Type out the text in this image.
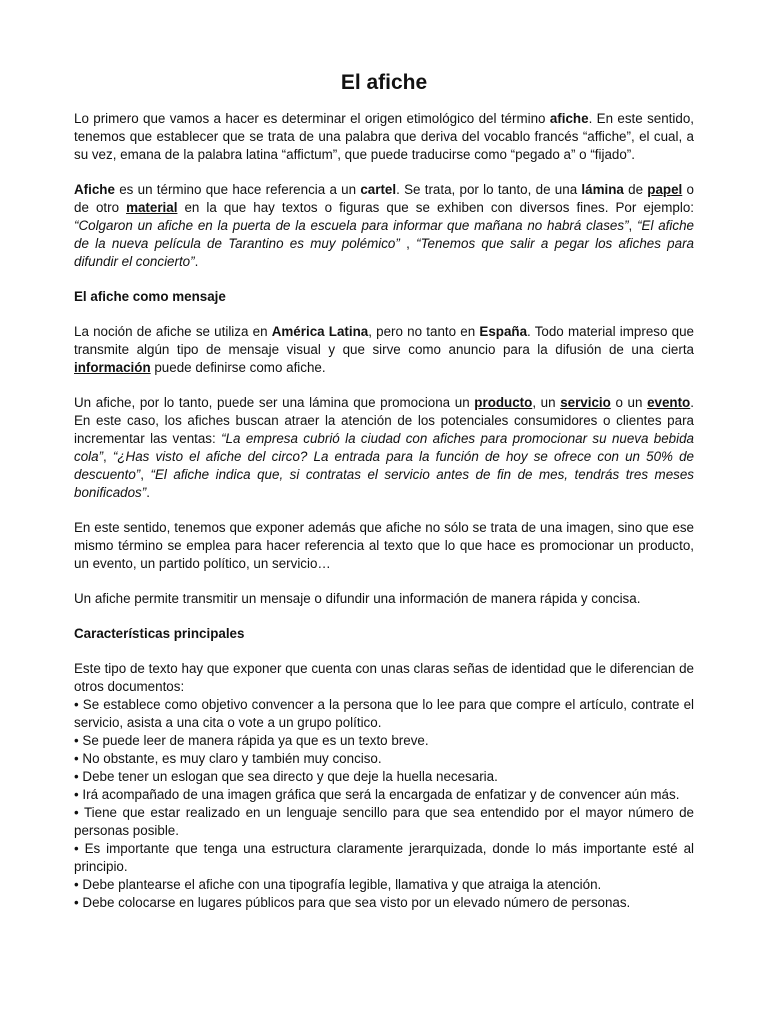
El afiche

Lo primero que vamos a hacer es determinar el origen etimológico del término afiche. En este sentido, tenemos que establecer que se trata de una palabra que deriva del vocablo francés “affiche”, el cual, a su vez, emana de la palabra latina “affictum”, que puede traducirse como “pegado a” o “fijado”.

Afiche es un término que hace referencia a un cartel. Se trata, por lo tanto, de una lámina de papel o de otro material en la que hay textos o figuras que se exhiben con diversos fines. Por ejemplo: “Colgaron un afiche en la puerta de la escuela para informar que mañana no habrá clases”, “El afiche de la nueva película de Tarantino es muy polémico” , “Tenemos que salir a pegar los afiches para difundir el concierto”.

El afiche como mensaje

La noción de afiche se utiliza en América Latina, pero no tanto en España. Todo material impreso que transmite algún tipo de mensaje visual y que sirve como anuncio para la difusión de una cierta información puede definirse como afiche.

Un afiche, por lo tanto, puede ser una lámina que promociona un producto, un servicio o un evento. En este caso, los afiches buscan atraer la atención de los potenciales consumidores o clientes para incrementar las ventas: “La empresa cubrió la ciudad con afiches para promocionar su nueva bebida cola”, “¿Has visto el afiche del circo? La entrada para la función de hoy se ofrece con un 50% de descuento”, “El afiche indica que, si contratas el servicio antes de fin de mes, tendrás tres meses bonificados”.

En este sentido, tenemos que exponer además que afiche no sólo se trata de una imagen, sino que ese mismo término se emplea para hacer referencia al texto que lo que hace es promocionar un producto, un evento, un partido político, un servicio…

Un afiche permite transmitir un mensaje o difundir una información de manera rápida y concisa.

Características principales

Este tipo de texto hay que exponer que cuenta con unas claras señas de identidad que le diferencian de otros documentos:

• Se establece como objetivo convencer a la persona que lo lee para que compre el artículo, contrate el servicio, asista a una cita o vote a un grupo político.
• Se puede leer de manera rápida ya que es un texto breve.
• No obstante, es muy claro y también muy conciso.
• Debe tener un eslogan que sea directo y que deje la huella necesaria.
• Irá acompañado de una imagen gráfica que será la encargada de enfatizar y de convencer aún más.
• Tiene que estar realizado en un lenguaje sencillo para que sea entendido por el mayor número de personas posible.
• Es importante que tenga una estructura claramente jerarquizada, donde lo más importante esté al principio.
• Debe plantearse el afiche con una tipografía legible, llamativa y que atraiga la atención.
• Debe colocarse en lugares públicos para que sea visto por un elevado número de personas.
